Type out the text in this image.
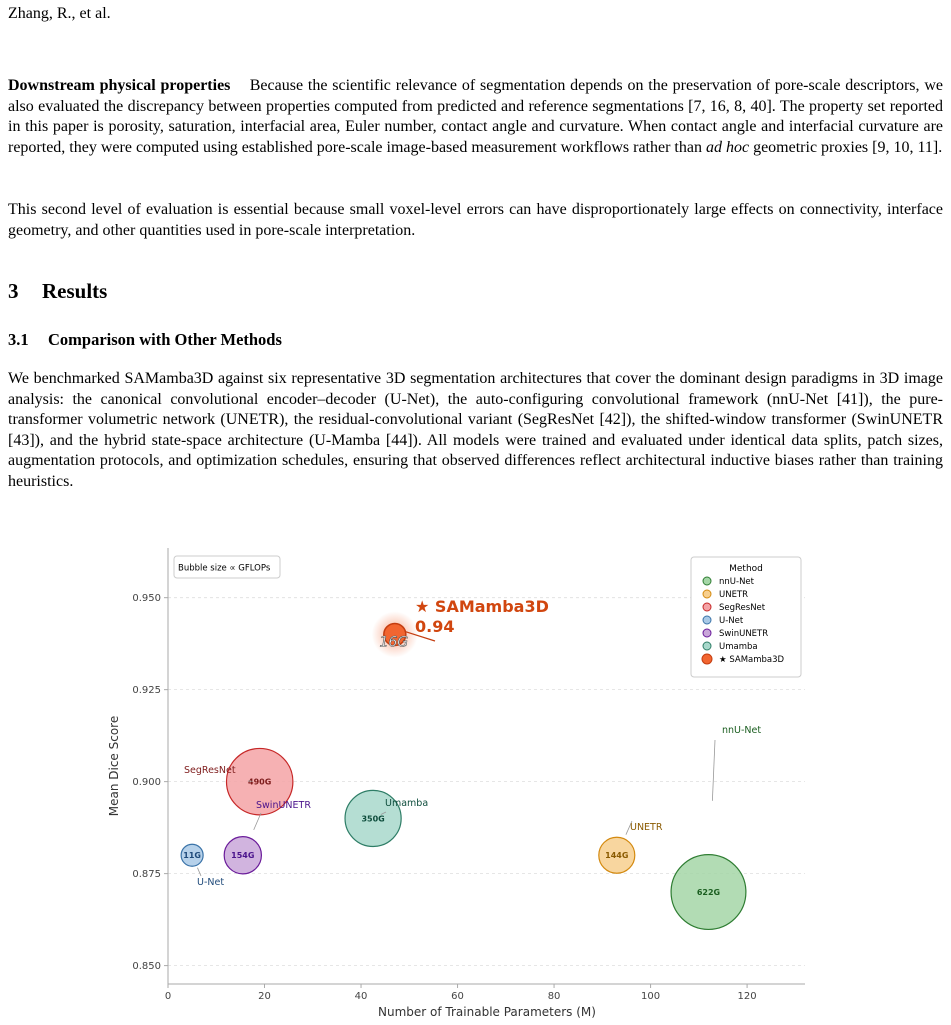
Zhang, R., et al.

Downstream physical properties Because the scientific relevance of segmentation depends on the preservation of pore-scale descriptors, we also evaluated the discrepancy between properties computed from predicted and reference segmentations [7, 16, 8, 40]. The property set reported in this paper is porosity, saturation, interfacial area, Euler number, contact angle and curvature. When contact angle and interfacial curvature are reported, they were computed using established pore-scale image-based measurement workflows rather than ad hoc geometric proxies [9, 10, 11].

This second level of evaluation is essential because small voxel-level errors can have disproportionately large effects on connectivity, interface geometry, and other quantities used in pore-scale interpretation.

3 Results
3.1 Comparison with Other Methods

We benchmarked SAMamba3D against six representative 3D segmentation architectures that cover the dominant design paradigms in 3D image analysis: the canonical convolutional encoder–decoder (U-Net), the auto-configuring convolutional framework (nnU-Net [41]), the pure-transformer volumetric network (UNETR), the residual-convolutional variant (SegResNet [42]), the shifted-window transformer (SwinUNETR [43]), and the hybrid state-space architecture (U-Mamba [44]). All models were trained and evaluated under identical data splits, patch sizes, augmentation protocols, and optimization schedules, ensuring that observed differences reflect architectural inductive biases rather than training heuristics.

0.850
0.875
0.900
0.925
0.950
0	20	40	60	80	100	120
Number of Trainable Parameters (M)
Mean Dice Score
Bubble size ∝ GFLOPs
622G
nnU-Net
490G
SegResNet
350G
Umamba
154G
SwinUNETR
144G
UNETR
16G
★ SAMamba3D
0.94
11G
U-Net
Method
nnU-Net
UNETR
SegResNet
U-Net
SwinUNETR
Umamba
★ SAMamba3D
